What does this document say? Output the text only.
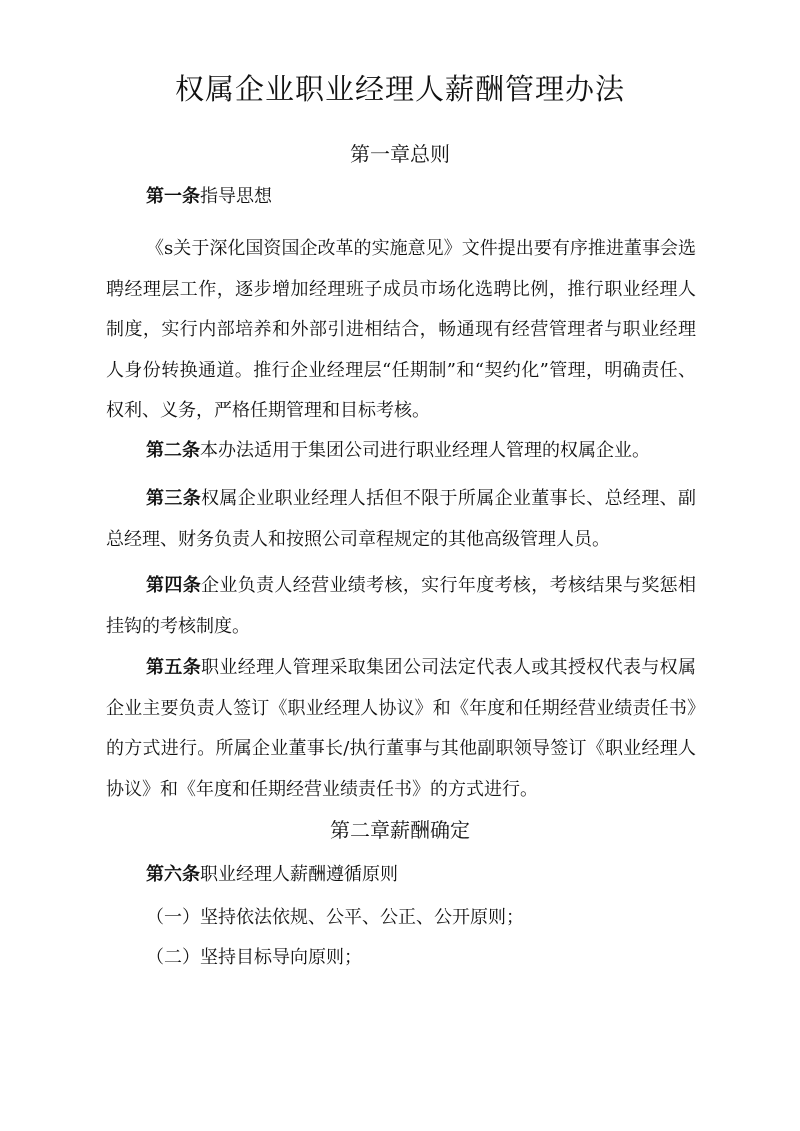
权属企业职业经理人薪酬管理办法
第一章总则
第一条指导思想

《s关于深化国资国企改革的实施意见》文件提出要有序推进董事会选聘经理层工作，逐步增加经理班子成员市场化选聘比例，推行职业经理人制度，实行内部培养和外部引进相结合，畅通现有经营管理者与职业经理人身份转换通道。推行企业经理层“任期制”和“契约化”管理，明确责任、权利、义务，严格任期管理和目标考核。

第二条本办法适用于集团公司进行职业经理人管理的权属企业。

第三条权属企业职业经理人括但不限于所属企业董事长、总经理、副总经理、财务负责人和按照公司章程规定的其他高级管理人员。

第四条企业负责人经营业绩考核，实行年度考核，考核结果与奖惩相挂钩的考核制度。

第五条职业经理人管理采取集团公司法定代表人或其授权代表与权属企业主要负责人签订《职业经理人协议》和《年度和任期经营业绩责任书》的方式进行。所属企业董事长/执行董事与其他副职领导签订《职业经理人协议》和《年度和任期经营业绩责任书》的方式进行。

第二章薪酬确定
第六条职业经理人薪酬遵循原则
（一）坚持依法依规、公平、公正、公开原则；
（二）坚持目标导向原则；
